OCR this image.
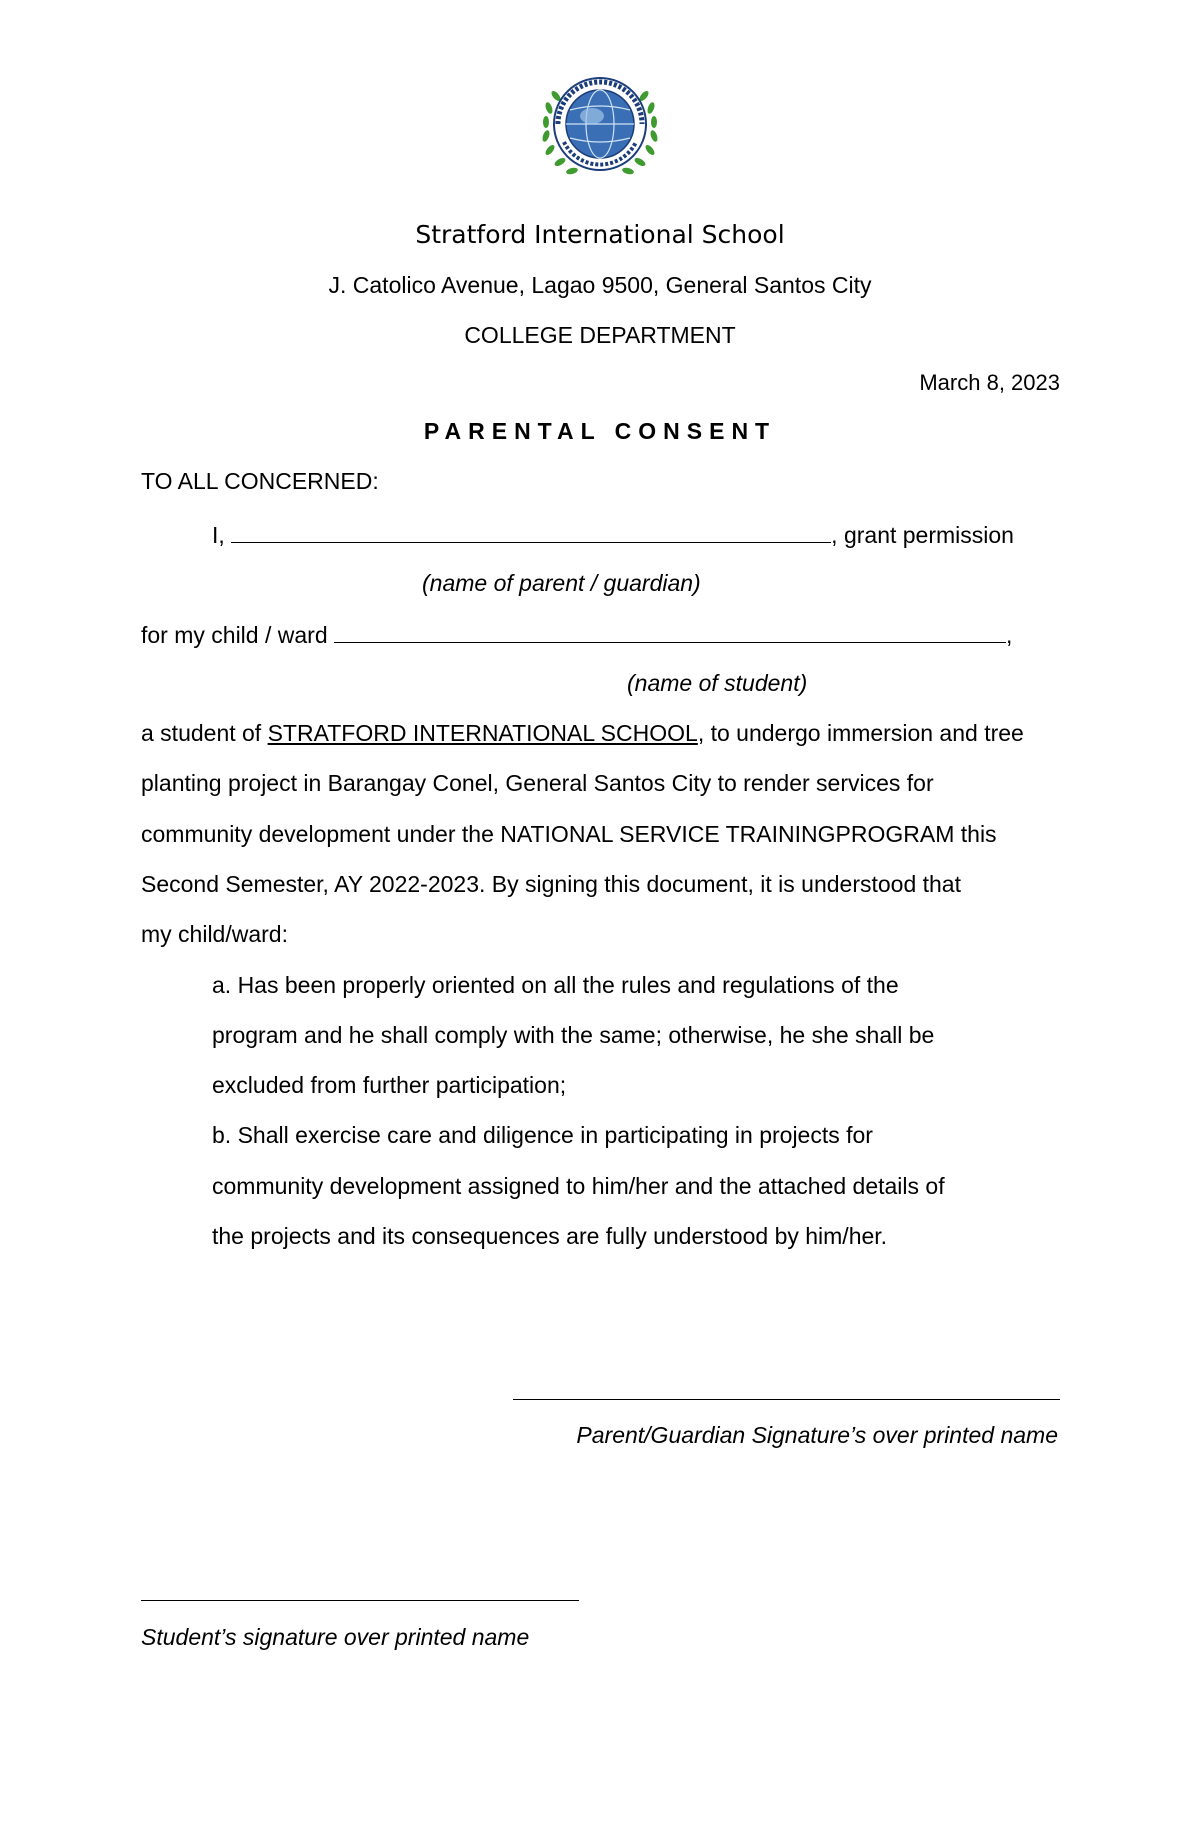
Stratford International School
J. Catolico Avenue, Lagao 9500, General Santos City
COLLEGE DEPARTMENT
March 8, 2023
PARENTAL CONSENT
TO ALL CONCERNED:
I,	, grant permission
(name of parent / guardian)
for my child / ward	,
(name of student)
a student of STRATFORD INTERNATIONAL SCHOOL, to undergo immersion and tree
planting project in Barangay Conel, General Santos City to render services for
community development under the NATIONAL SERVICE TRAININGPROGRAM this
Second Semester, AY 2022-2023. By signing this document, it is understood that
my child/ward:
a. Has been properly oriented on all the rules and regulations of the
program and he shall comply with the same; otherwise, he she shall be
excluded from further participation;
b. Shall exercise care and diligence in participating in projects for
community development assigned to him/her and the attached details of
the projects and its consequences are fully understood by him/her.
Parent/Guardian Signature’s over printed name
Student’s signature over printed name
